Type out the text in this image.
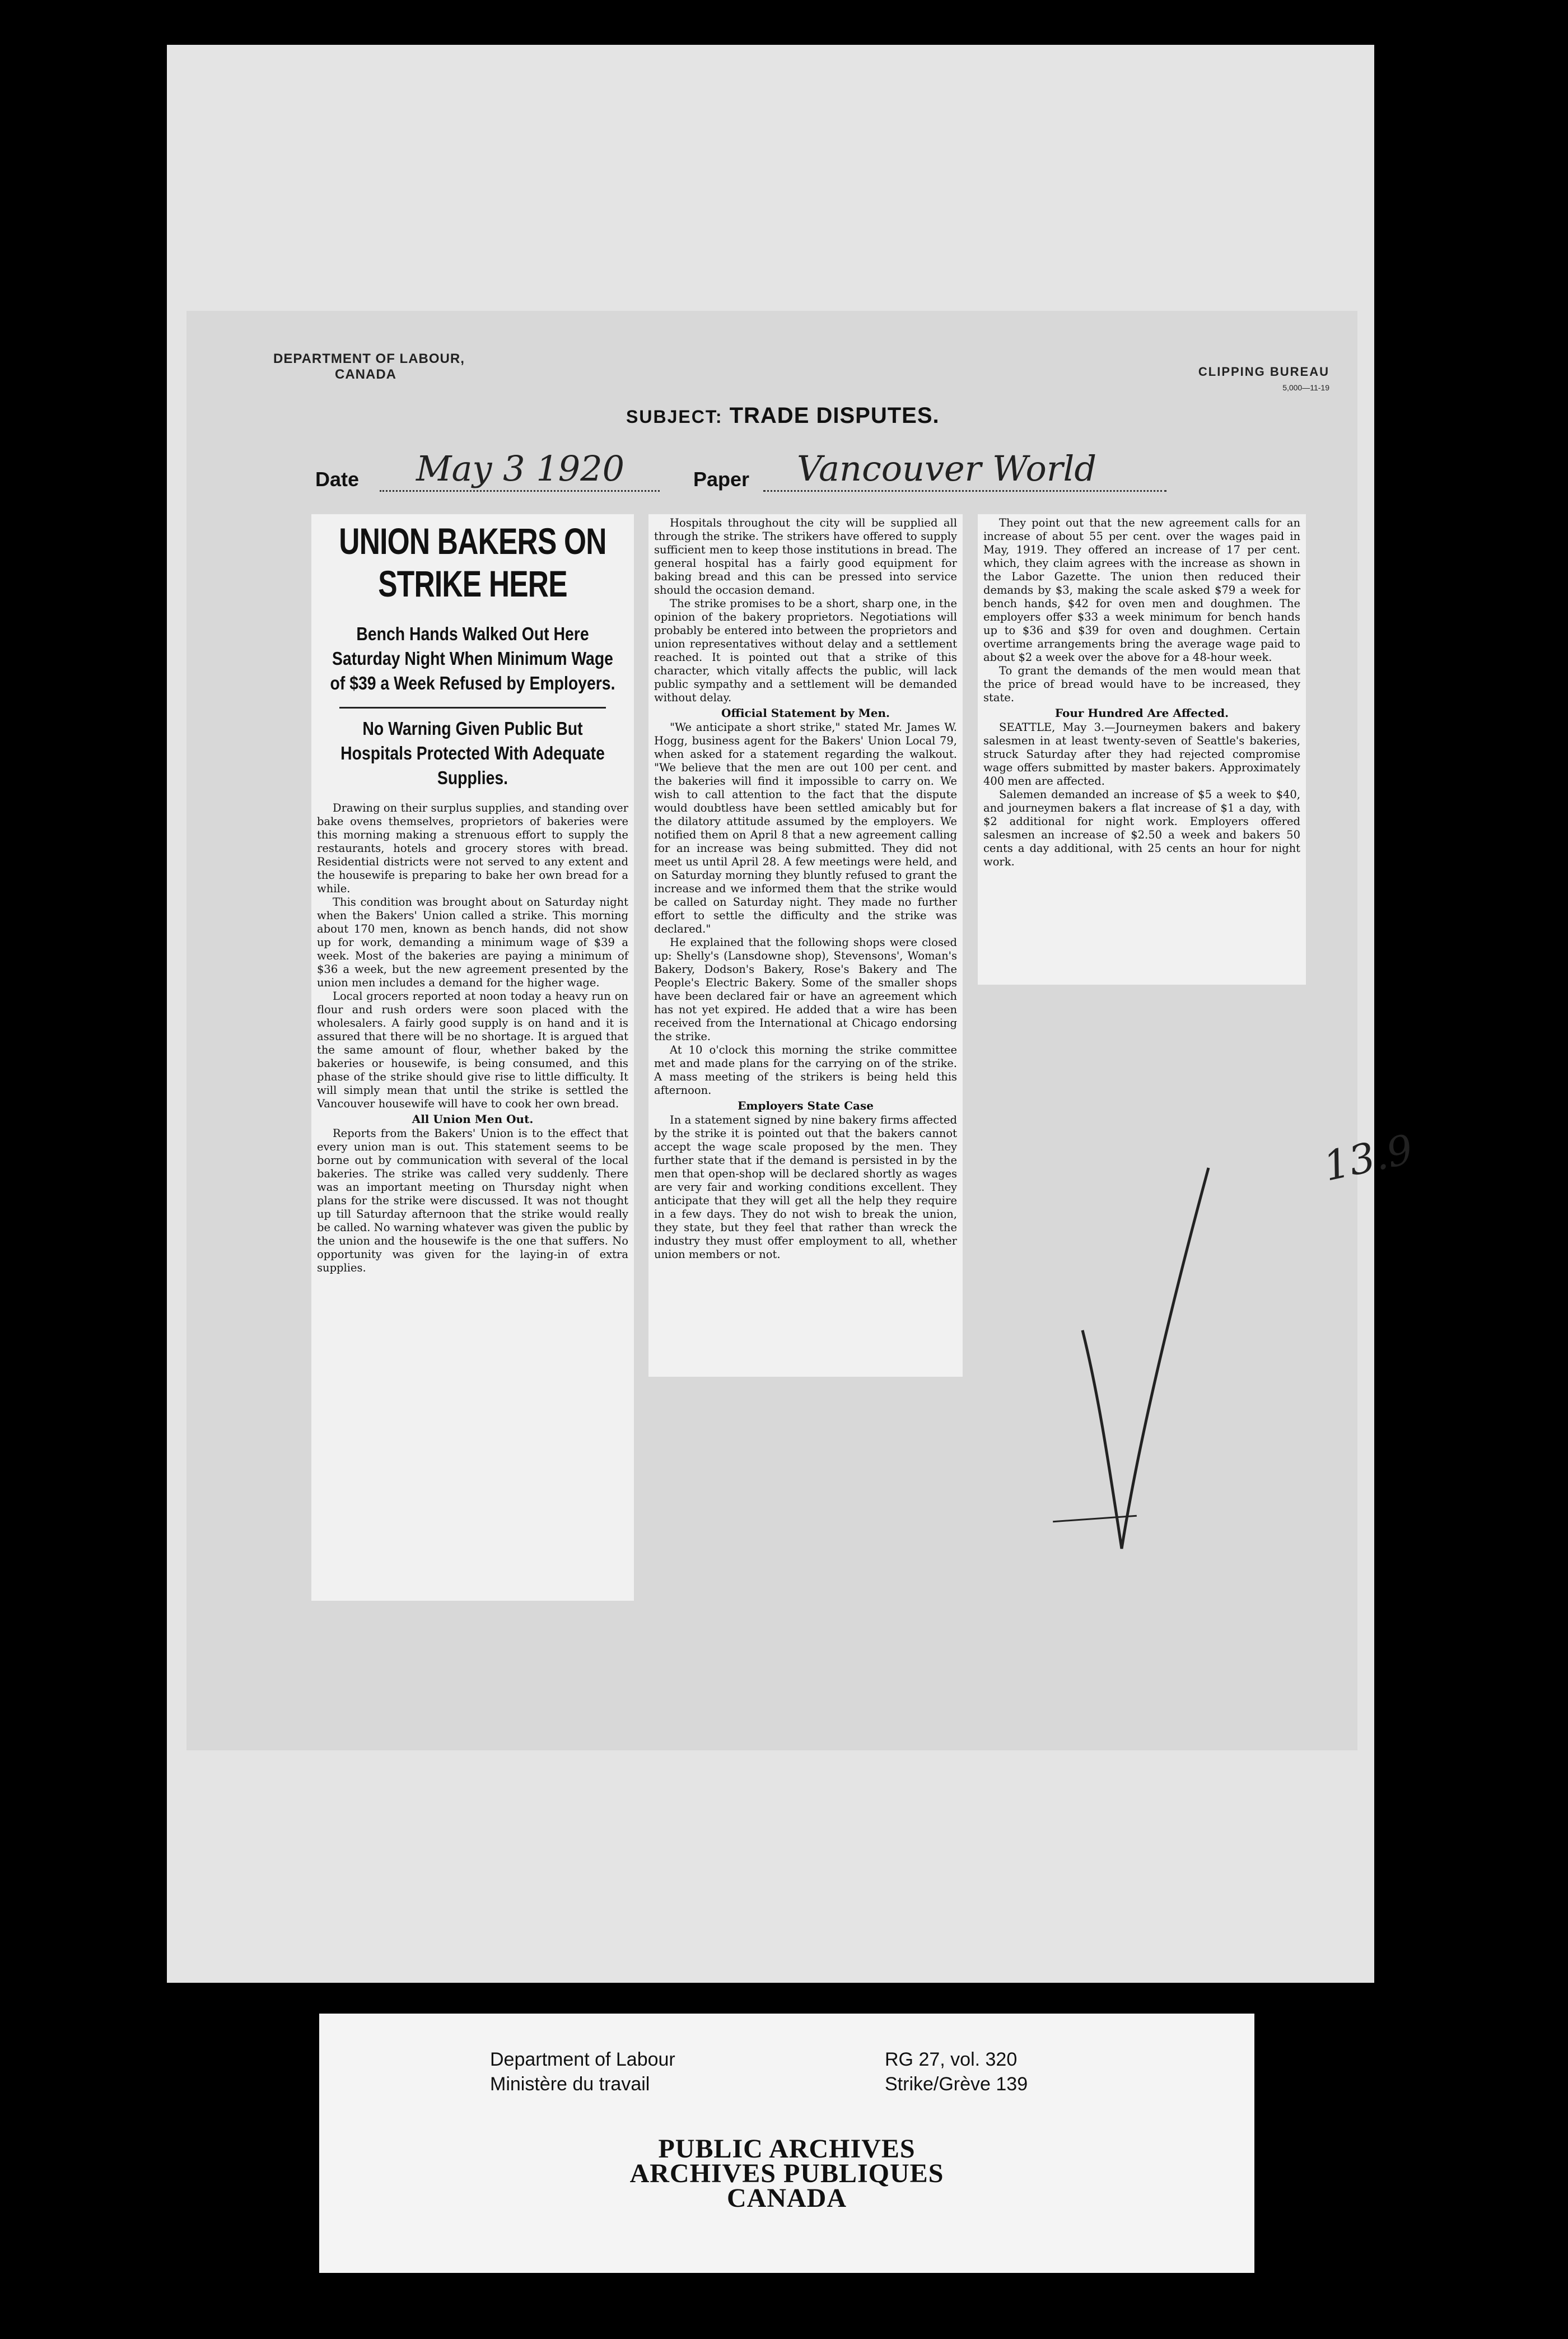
DEPARTMENT OF LABOUR,
CANADA	CLIPPING BUREAU
5,000—11-19
SUBJECT: TRADE DISPUTES.
Date May 3 1920	Paper Vancouver World
UNION BAKERS ON STRIKE HERE
Bench Hands Walked Out Here Saturday Night When Minimum Wage of $39 a Week Refused by Employers.
No Warning Given Public But Hospitals Protected With Adequate Supplies.

Drawing on their surplus supplies, and standing over bake ovens themselves, proprietors of bakeries were this morning making a strenuous effort to supply the restaurants, hotels and grocery stores with bread. Residential districts were not served to any extent and the housewife is preparing to bake her own bread for a while.

This condition was brought about on Saturday night when the Bakers' Union called a strike. This morning about 170 men, known as bench hands, did not show up for work, demanding a minimum wage of $39 a week. Most of the bakeries are paying a minimum of $36 a week, but the new agreement presented by the union men includes a demand for the higher wage.

Local grocers reported at noon today a heavy run on flour and rush orders were soon placed with the wholesalers. A fairly good supply is on hand and it is assured that there will be no shortage. It is argued that the same amount of flour, whether baked by the bakeries or housewife, is being consumed, and this phase of the strike should give rise to little difficulty. It will simply mean that until the strike is settled the Vancouver housewife will have to cook her own bread.

All Union Men Out.

Reports from the Bakers' Union is to the effect that every union man is out. This statement seems to be borne out by communication with several of the local bakeries. The strike was called very suddenly. There was an important meeting on Thursday night when plans for the strike were discussed. It was not thought up till Saturday afternoon that the strike would really be called. No warning whatever was given the public by the union and the housewife is the one that suffers. No opportunity was given for the laying-in of extra supplies.

Hospitals throughout the city will be supplied all through the strike. The strikers have offered to supply sufficient men to keep those institutions in bread. The general hospital has a fairly good equipment for baking bread and this can be pressed into service should the occasion demand.

The strike promises to be a short, sharp one, in the opinion of the bakery proprietors. Negotiations will probably be entered into between the proprietors and union representatives without delay and a settlement reached. It is pointed out that a strike of this character, which vitally affects the public, will lack public sympathy and a settlement will be demanded without delay.

Official Statement by Men.

"We anticipate a short strike," stated Mr. James W. Hogg, business agent for the Bakers' Union Local 79, when asked for a statement regarding the walkout. "We believe that the men are out 100 per cent. and the bakeries will find it impossible to carry on. We wish to call attention to the fact that the dispute would doubtless have been settled amicably but for the dilatory attitude assumed by the employers. We notified them on April 8 that a new agreement calling for an increase was being submitted. They did not meet us until April 28. A few meetings were held, and on Saturday morning they bluntly refused to grant the increase and we informed them that the strike would be called on Saturday night. They made no further effort to settle the difficulty and the strike was declared."

He explained that the following shops were closed up: Shelly's (Lansdowne shop), Stevensons', Woman's Bakery, Dodson's Bakery, Rose's Bakery and The People's Electric Bakery. Some of the smaller shops have been declared fair or have an agreement which has not yet expired. He added that a wire has been received from the International at Chicago endorsing the strike.

At 10 o'clock this morning the strike committee met and made plans for the carrying on of the strike. A mass meeting of the strikers is being held this afternoon.

Employers State Case

In a statement signed by nine bakery firms affected by the strike it is pointed out that the bakers cannot accept the wage scale proposed by the men. They further state that if the demand is persisted in by the men that open-shop will be declared shortly as wages are very fair and working conditions excellent. They anticipate that they will get all the help they require in a few days. They do not wish to break the union, they state, but they feel that rather than wreck the industry they must offer employment to all, whether union members or not.

They point out that the new agreement calls for an increase of about 55 per cent. over the wages paid in May, 1919. They offered an increase of 17 per cent. which, they claim agrees with the increase as shown in the Labor Gazette. The union then reduced their demands by $3, making the scale asked $79 a week for bench hands, $42 for oven men and doughmen. The employers offer $33 a week minimum for bench hands up to $36 and $39 for oven and doughmen. Certain overtime arrangements bring the average wage paid to about $2 a week over the above for a 48-hour week.

To grant the demands of the men would mean that the price of bread would have to be increased, they state.

Four Hundred Are Affected.

SEATTLE, May 3.—Journeymen bakers and bakery salesmen in at least twenty-seven of Seattle's bakeries, struck Saturday after they had rejected compromise wage offers submitted by master bakers. Approximately 400 men are affected.

Salemen demanded an increase of $5 a week to $40, and journeymen bakers a flat increase of $1 a day, with $2 additional for night work. Employers offered salesmen an increase of $2.50 a week and bakers 50 cents a day additional, with 25 cents an hour for night work.

13.9
Department of Labour
Ministère du travail
RG 27, vol. 320
Strike/Grève 139
PUBLIC ARCHIVES
ARCHIVES PUBLIQUES
CANADA
